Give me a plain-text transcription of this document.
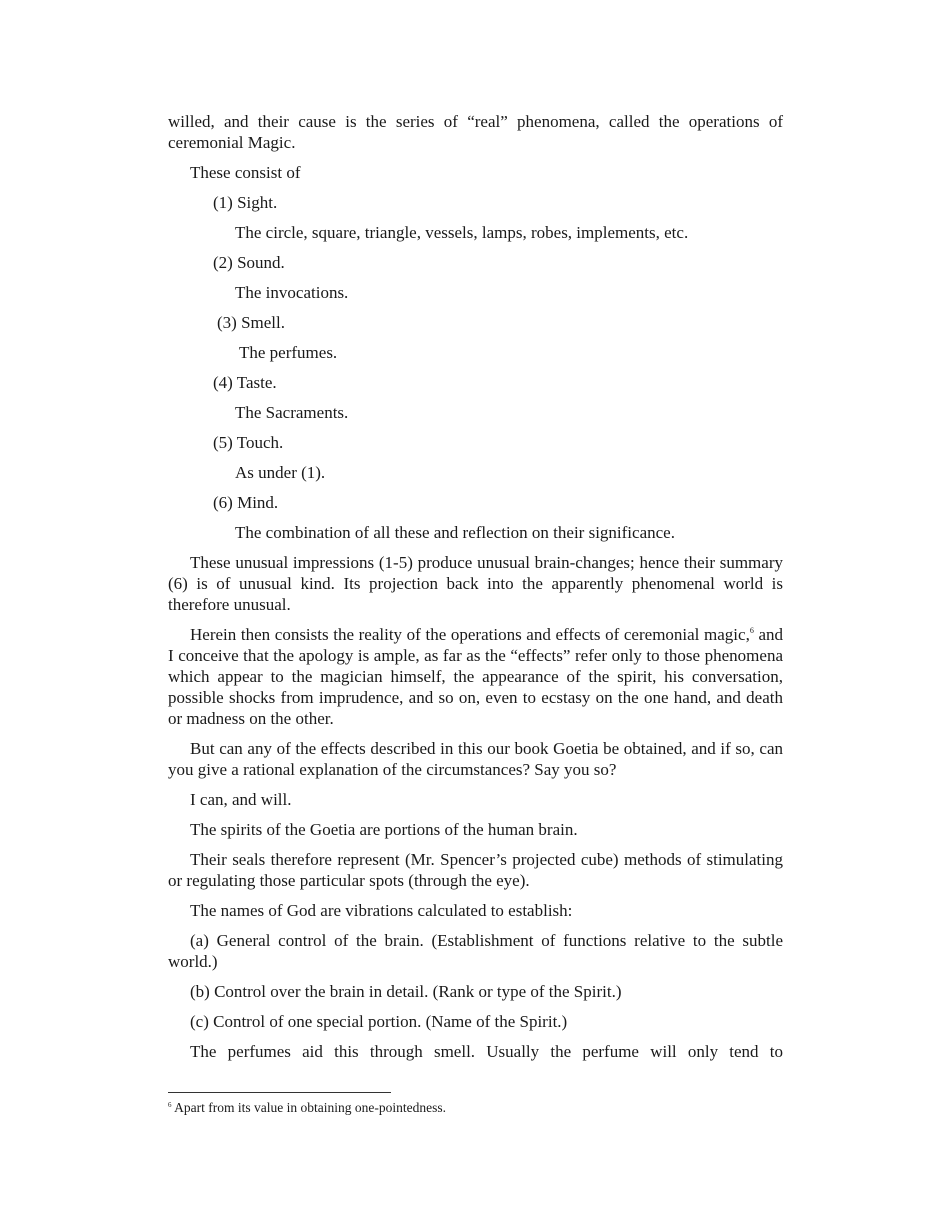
willed, and their cause is the series of “real” phenomena, called the operations of ceremonial Magic.

These consist of

(1) Sight.

The circle, square, triangle, vessels, lamps, robes, implements, etc.

(2) Sound.

The invocations.

(3) Smell.

The perfumes.

(4) Taste.

The Sacraments.

(5) Touch.

As under (1).

(6) Mind.

The combination of all these and reflection on their significance.

These unusual impressions (1-5) produce unusual brain-changes; hence their summary (6) is of unusual kind. Its projection back into the apparently phenomenal world is therefore unusual.

Herein then consists the reality of the operations and effects of ceremonial magic,$^6$ and I conceive that the apology is ample, as far as the “effects” refer only to those phenomena which appear to the magician himself, the appearance of the spirit, his conversation, possible shocks from imprudence, and so on, even to ecstasy on the one hand, and death or madness on the other.

But can any of the effects described in this our book Goetia be obtained, and if so, can you give a rational explanation of the circumstances? Say you so?

I can, and will.

The spirits of the Goetia are portions of the human brain.

Their seals therefore represent (Mr. Spencer’s projected cube) methods of stimulating or regulating those particular spots (through the eye).

The names of God are vibrations calculated to establish:

(a) General control of the brain. (Establishment of functions relative to the subtle world.)

(b) Control over the brain in detail. (Rank or type of the Spirit.)

(c) Control of one special portion. (Name of the Spirit.)

The perfumes aid this through smell. Usually the perfume will only tend to

$^6$ Apart from its value in obtaining one-pointedness.
